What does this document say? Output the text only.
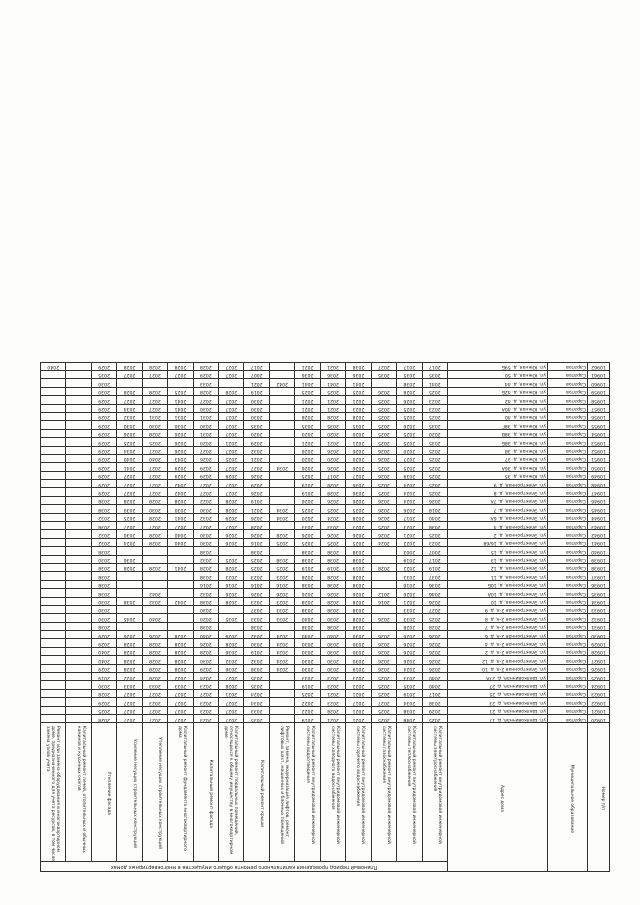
Номер п/п	Муниципальное образование	Адрес дома	Плановый период проведения капитального ремонта общего имущества в многоквартирных домах															
			Капитальный ремонт внутридомовой инженерной системы электроснабжения	Капитальный ремонт внутридомовой инженерной системы теплоснабжения	Капитальный ремонт внутридомовой инженерной системы газоснабжения	Капитальный ремонт внутридомовой инженерной системы горячего водоснабжения	Капитальный ремонт внутридомовой инженерной системы холодного водоснабжения	Капитальный ремонт внутридомовой инженерной системы водоотведения	Ремонт, замена, модернизация лифтов, ремонт лифтовых шахт, машинных и блочных помещений	Капитальный ремонт крыши	Капитальный ремонт подвальных помещений, относящихся к общему имуществу в многоквартирном доме	Капитальный ремонт фасада	Капитальный ремонт фундамента многоквартирного дома	Утепление несущих строительных конструкций	Усиление несущих строительных конструкций	Утепление фасада	Капитальный ремонт печей, отопительных и обычных каминов и кухонных очагов	Ремонт или замена оборудования в многоквартирном доме, предназначенного для учета ресурсов, в том числе замена узлов учета
10920	Саратов	ул. Шелковичная, д. 17	2025	2048	2025	2021	2021	2019		2035	2027	2023	2027	2027	2027	2028		
10921	Саратов	ул. Шелковичная, д. 21	2029	2038	2025	2021	2028	2022		2033	2027	2023	2027	2027	2027	2025		
10922	Саратов	ул. Шелковичная, д. 23	2038	2034	2027	2017	2023	2022		2034	2027	2023	2027	2023	2027	2029		
10923	Саратов	ул. Шелковичная, д. 25	2017	2019	2025	2021	2021	2025		2024	2021	2027	2027	2027	2027	2028		
10924	Саратов	ул. Шелковичная, д. 27	2040	2035	2025	2022	2023	2019		2035	2028	2023	2033	2033	2033	2030		
10925	Саратов	ул. Шелковичная, д. 27А	2040	2033	2025	2023	2023	2033		2035	2027	2024	2022	2028	2022	2019		
10926	Саратов	ул. Электронная 2-я, д. 10	2026	2024	2026	2019	2030	2030	2024	2038	2036	2029	2028	2028	2028	2029		
10927	Саратов	ул. Электронная 2-я, д. 12	2026	2026	2026	2030	2030	2030	2024	2032	2032	2030	2028	2028	2028	2040		
10928	Саратов	ул. Электронная 2-я, д. 2	2026	2026	2026	2030	2030	2030	2024	2019	2036	2028	2028	2028	2028	2040		
10929	Саратов	ул. Электронная 2-я, д. 4	2026	2026	2026	2030	2030	2030	2024	2030	2028	2026	2028	2028	2028	2029		
10930	Саратов	ул. Электронная 2-я, д. 6	2026	2026	2026	2030	2040	2040	2024	2032	2029	2040	2028	2026	2026	2029		
10931	Саратов	ул. Электронная 2-я, д. 7	2028	2028		2038	2038	2038		2038		2038				2038		
10932	Саратов	ул. Электронная 2-я, д. 8	2025	2033	2026	2028	2030	2040	2033	2033	2035	2020		2040	2045	2030		
10933	Саратов	ул. Электронная 2-я, д. 9	2027	2033		2038	2038	2038	2033	2037		2030				2030		
10934	Саратов	ул. Электронная, д. 10	2026	2021	2016	2028	2028	2028	2023	2023	2028	2038	2042	2032	2038	2030		
10935	Саратов	ул. Электронная, д. 10А	2046	2026	2012	2026	2026	2026	2026	2026	2026	2032		2042		2038		
10936	Саратов	ул. Электронная, д. 10Б	2036	2016		2038	2038	2038	2016	2016	2016	2016				2038		
10937	Саратов	ул. Электронная, д. 11	2037	2033		2028	2028	2028	2023	2023	2023	2038				2038		
10938	Саратов	ул. Электронная, д. 12	2019	2022	2028	2019	2019	2019	2025	2025	2028	2028	2041	2028	2028	2038		
10939	Саратов	ул. Электронная, д. 13	2017	2019		2038	2038	2038	2038	2025	2025	2032			2036	2030		
10940	Саратов	ул. Электронная, д. 15	2007	2003		2038	2038	2038		2038		2038				2038		
10941	Саратов	ул. Электронная, д. 16/68	2023	2022	2024	2025	2025	2025	2025	2016	2026	2030	2040	2028	2024	2032		
10942	Саратов	ул. Электронная, д. 2	2025	2021	2026	2026	2026	2026	2028	2026	2026	2030	2040	2028	2030	2032		
10943	Саратов	ул. Электронная, д. 4	2038	2023	2025	2023	2033	2033		2028	2027	2027	2027	2027	2027	2038		
10944	Саратов	ул. Электронная, д. 6А	2040	2017	2026	2028	2024	2020	2034	2026	2029	2032	2041	2028	2025	2032		
10945	Саратов	ул. Электронная, д. 7	2018	2026	2026	2025	2025	2025	2034	2021	2028	2030	2030	2030	2030	2038		
10946	Саратов	ул. Электронная, д. 7А	2026	2024	2026	2026	2026	2026		2019	2028	2022	2028	2028	2028	2038		
10947	Саратов	ул. Электронная, д. 8	2025	2024	2025	2036	2028	2019		2026	2027	2027	2042	2027	2027	2029		
10948	Саратов	ул. Электронная, д. 9	2025	2024	2025	2036	2028	2019		2029	2027	2027	2042	2027	2027	2029		
10949	Саратов	ул. Южная, д. 35	2025	2039	2026	2027	2017	2025		2026	2029	2029	2029	2027	2027	2029		
10950	Саратов	ул. Южная, д. 36А	2025	2025	2025	2026	2026	2026	2034	2027	2027	2029	2029	2027	2041	2029		
10951	Саратов	ул. Южная, д. 37	2025	2027	2026	2020	2020	2020		2021	2025	2026	2043	2040	2040	2029		
10952	Саратов	ул. Южная, д. 38	2025	2020	2026	2026	2026	2026		2032	2027	2027	2026	2027	2034	2029		
10953	Саратов	ул. Южная, д. 38Б	2035	2025	2025	2021	2021	2021		2029	2021	2020	2026	2025	2025	2029		
10954	Саратов	ул. Южная, д. 38В	2020	2025	2025	2020	2020	2020		2020	2027	2031	2026	2028	2026	2029		
10955	Саратов	ул. Южная, д. 38Г	2035	2026	2025	2035	2035	2035		2035	2027	2030	2030	2030	2030	2029		
10956	Саратов	ул. Южная, д. 40	2025	2025	2025	2028	2028	2028		2030	2027	2031	2031	2031	2032	2029		
10957	Саратов	ул. Южная, д. 40А	2023	2025	2025	2023	2021	2021		2030	2027	2030	2041	2027	2034	2029		
10958	Саратов	ул. Южная, д. 42	2023	2026	2025	2021	2021	2021		2030	2027	2027	2041	2027	2027	2029		
10959	Саратов	ул. Южная, д. 42Б	2025	2028	2026	2025	2025	2025		2019	2028	2028	2025	2028	2028	2030		
10960	Саратов	ул. Южная, д. 44	2041	2038		2041	2041	2041	2042	2021		2033				2030		
10961	Саратов	ул. Южная, д. 50	2035	2035	2035	2036	2036	2036		2007	2027	2029	2027	2027	2027	2035		
10962	Саратов	ул. Южная, д. 59Б	2017	2017	2027	2038	2021	2021		2017	2027	2028	2028	2028	2028	2029		2040
